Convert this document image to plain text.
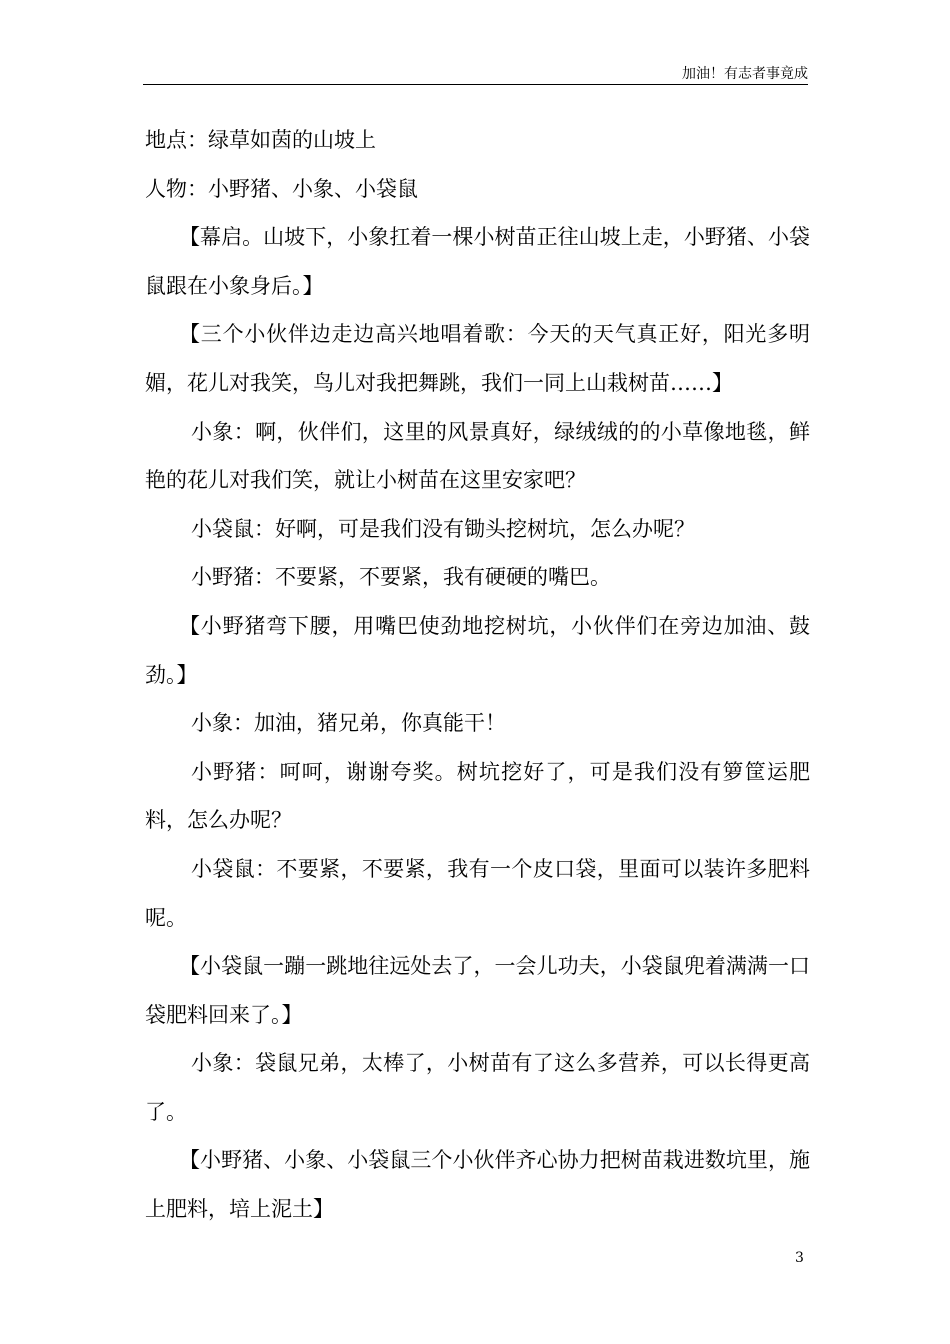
加油！有志者事竟成

地点：绿草如茵的山坡上

人物：小野猪、小象、小袋鼠

【幕启。山坡下，小象扛着一棵小树苗正往山坡上走，小野猪、小袋鼠跟在小象身后。】

【三个小伙伴边走边高兴地唱着歌：今天的天气真正好，阳光多明媚，花儿对我笑，鸟儿对我把舞跳，我们一同上山栽树苗……】

小象：啊，伙伴们，这里的风景真好，绿绒绒的的小草像地毯，鲜艳的花儿对我们笑，就让小树苗在这里安家吧？

小袋鼠：好啊，可是我们没有锄头挖树坑，怎么办呢？

小野猪：不要紧，不要紧，我有硬硬的嘴巴。

【小野猪弯下腰，用嘴巴使劲地挖树坑，小伙伴们在旁边加油、鼓劲。】

小象：加油，猪兄弟，你真能干！

小野猪：呵呵，谢谢夸奖。树坑挖好了，可是我们没有箩筐运肥料，怎么办呢？

小袋鼠：不要紧，不要紧，我有一个皮口袋，里面可以装许多肥料呢。

【小袋鼠一蹦一跳地往远处去了，一会儿功夫，小袋鼠兜着满满一口袋肥料回来了。】

小象：袋鼠兄弟，太棒了，小树苗有了这么多营养，可以长得更高了。

【小野猪、小象、小袋鼠三个小伙伴齐心协力把树苗栽进数坑里，施上肥料，培上泥土】

3
